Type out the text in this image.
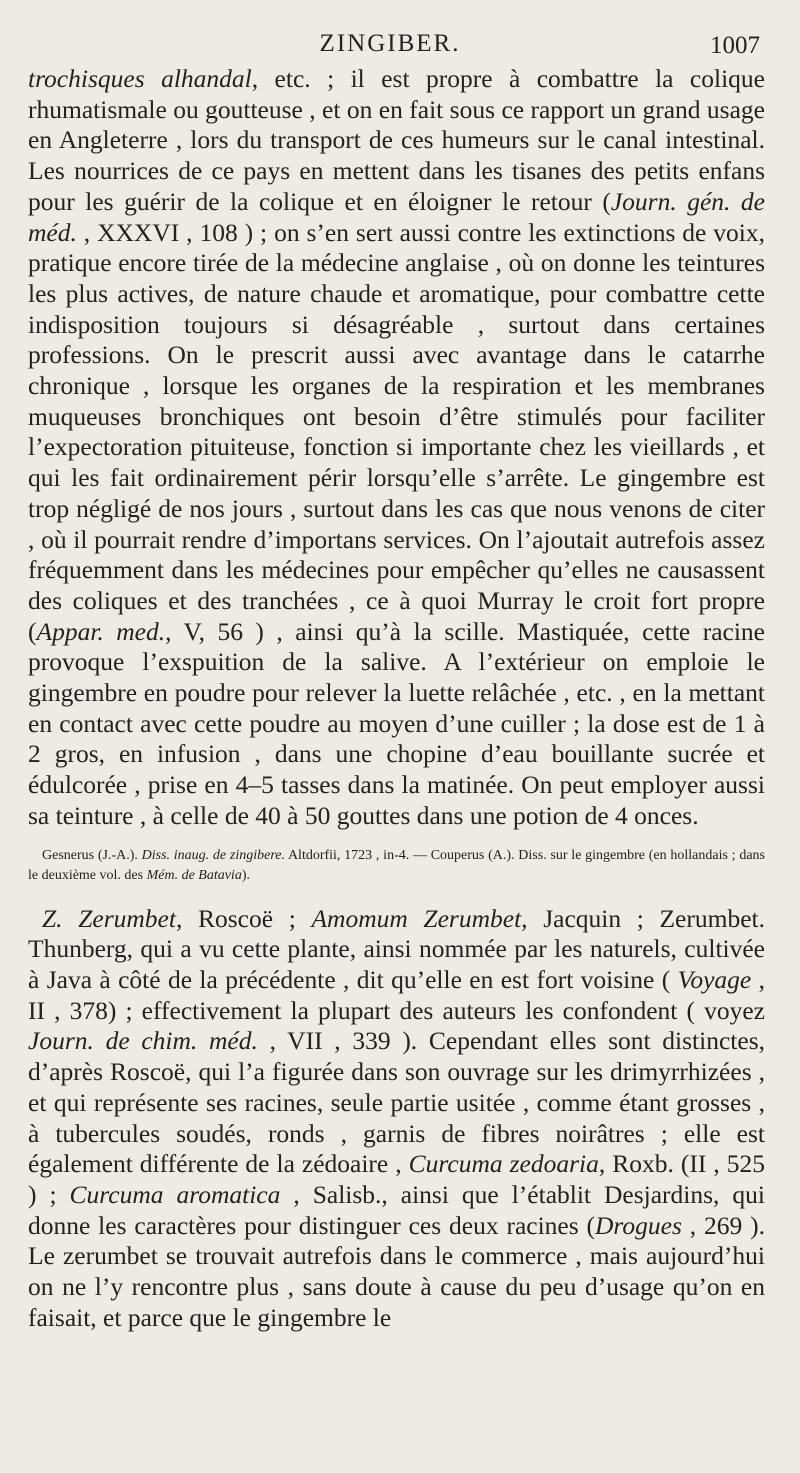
ZINGIBER.	1007

trochisques alhandal, etc. ; il est propre à combattre la colique rhumatismale ou goutteuse , et on en fait sous ce rapport un grand usage en Angleterre , lors du transport de ces humeurs sur le canal intestinal. Les nourrices de ce pays en mettent dans les tisanes des petits enfans pour les guérir de la colique et en éloigner le retour (Journ. gén. de méd. , XXXVI , 108 ) ; on s’en sert aussi contre les extinctions de voix, pratique encore tirée de la médecine anglaise , où on donne les teintures les plus actives, de nature chaude et aromatique, pour combattre cette indisposition toujours si désagréable , surtout dans certaines professions. On le prescrit aussi avec avantage dans le catarrhe chronique , lorsque les organes de la respiration et les membranes muqueuses bronchiques ont besoin d’être stimulés pour faciliter l’expectoration pituiteuse, fonction si importante chez les vieillards , et qui les fait ordinairement périr lorsqu’elle s’arrête. Le gingembre est trop négligé de nos jours , surtout dans les cas que nous venons de citer , où il pourrait rendre d’importans services. On l’ajoutait autrefois assez fréquemment dans les médecines pour empêcher qu’elles ne causassent des coliques et des tranchées , ce à quoi Murray le croit fort propre (Appar. med., V, 56 ) , ainsi qu’à la scille. Mastiquée, cette racine provoque l’exspuition de la salive. A l’extérieur on emploie le gingembre en poudre pour relever la luette relâchée , etc. , en la mettant en contact avec cette poudre au moyen d’une cuiller ; la dose est de 1 à 2 gros, en infusion , dans une chopine d’eau bouillante sucrée et édulcorée , prise en 4–5 tasses dans la matinée. On peut employer aussi sa teinture , à celle de 40 à 50 gouttes dans une potion de 4 onces.

Gesnerus (J.-A.). Diss. inaug. de zingibere. Altdorfii, 1723 , in-4. — Couperus (A.). Diss. sur le gingembre (en hollandais ; dans le deuxième vol. des Mém. de Batavia).

Z. Zerumbet, Roscoë ; Amomum Zerumbet, Jacquin ; Zerumbet. Thunberg, qui a vu cette plante, ainsi nommée par les naturels, cultivée à Java à côté de la précédente , dit qu’elle en est fort voisine ( Voyage , II , 378) ; effectivement la plupart des auteurs les confondent ( voyez Journ. de chim. méd. , VII , 339 ). Cependant elles sont distinctes, d’après Roscoë, qui l’a figurée dans son ouvrage sur les drimyrrhizées , et qui représente ses racines, seule partie usitée , comme étant grosses , à tubercules soudés, ronds , garnis de fibres noirâtres ; elle est également différente de la zédoaire , Curcuma zedoaria, Roxb. (II , 525 ) ; Curcuma aromatica , Salisb., ainsi que l’établit Desjardins, qui donne les caractères pour distinguer ces deux racines (Drogues , 269 ). Le zerumbet se trouvait autrefois dans le commerce , mais aujourd’hui on ne l’y rencontre plus , sans doute à cause du peu d’usage qu’on en faisait, et parce que le gingembre le
